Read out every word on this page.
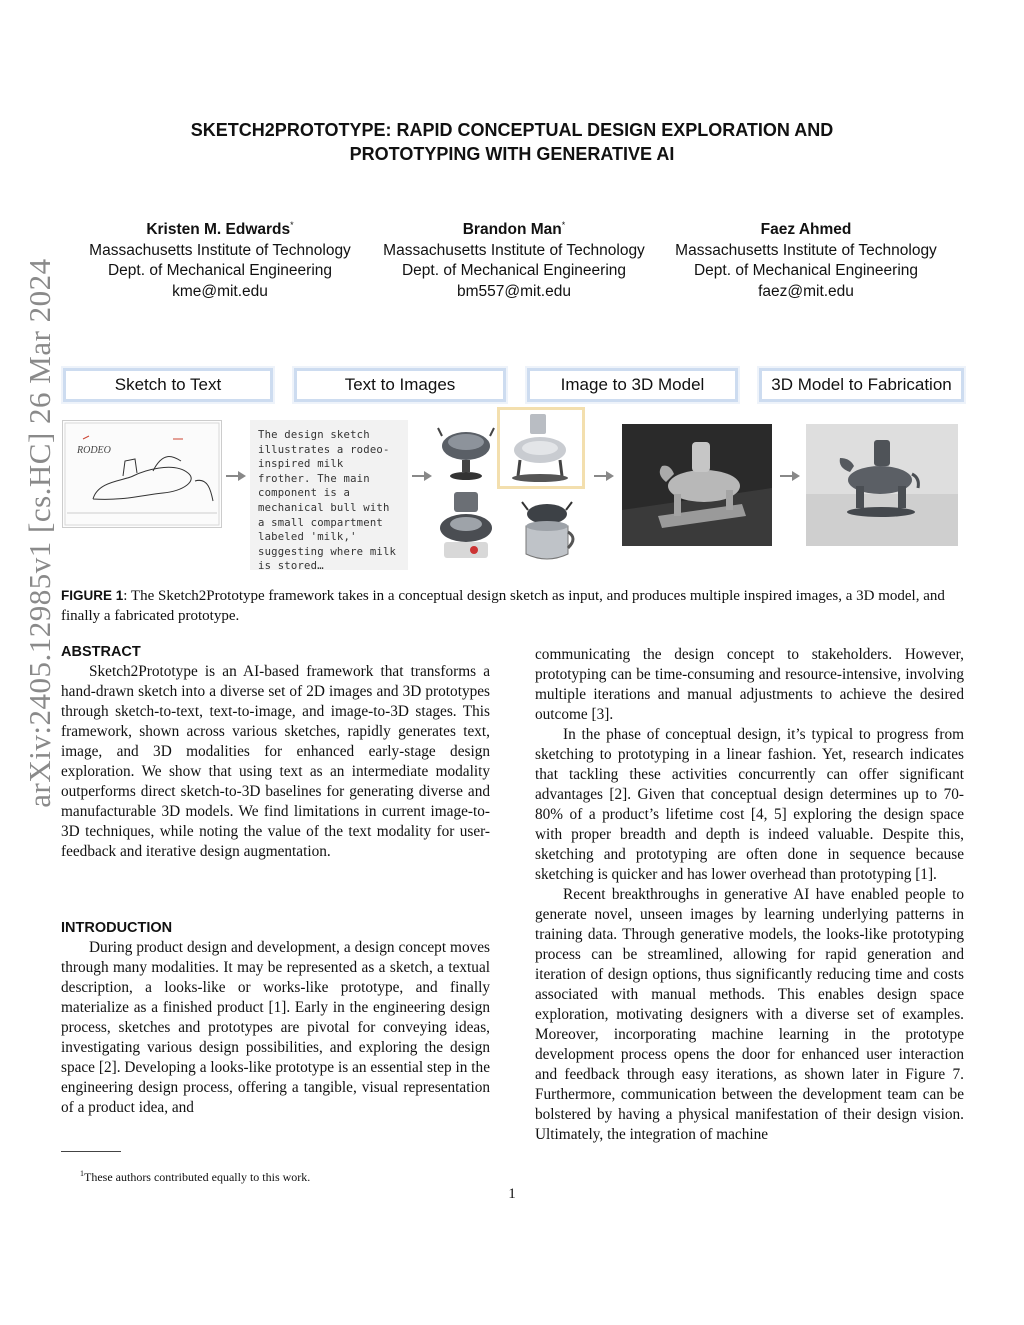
arXiv:2405.12985v1 [cs.HC] 26 Mar 2024
SKETCH2PROTOTYPE: RAPID CONCEPTUAL DESIGN EXPLORATION AND
PROTOTYPING WITH GENERATIVE AI
Kristen M. Edwards*
Massachusetts Institute of Technology
Dept. of Mechanical Engineering
kme@mit.edu
Brandon Man*
Massachusetts Institute of Technology
Dept. of Mechanical Engineering
bm557@mit.edu
Faez Ahmed
Massachusetts Institute of Technology
Dept. of Mechanical Engineering
faez@mit.edu
Sketch to Text	Text to Images	Image to 3D Model	3D Model to Fabrication
RODEO
The design sketch illustrates a rodeo-inspired milk frother. The main component is a mechanical bull with a small compartment labeled 'milk,' suggesting where milk is stored…
FIGURE 1: The Sketch2Prototype framework takes in a conceptual design sketch as input, and produces multiple inspired images, a 3D model, and finally a fabricated prototype.
ABSTRACT

Sketch2Prototype is an AI-based framework that transforms a hand-drawn sketch into a diverse set of 2D images and 3D prototypes through sketch-to-text, text-to-image, and image-to-3D stages. This framework, shown across various sketches, rapidly generates text, image, and 3D modalities for enhanced early-stage design exploration. We show that using text as an intermediate modality outperforms direct sketch-to-3D baselines for generating diverse and manufacturable 3D models. We find limitations in current image-to-3D techniques, while noting the value of the text modality for user-feedback and iterative design augmentation.

INTRODUCTION

During product design and development, a design concept moves through many modalities. It may be represented as a sketch, a textual description, a looks-like or works-like prototype, and finally materialize as a finished product [1]. Early in the engineering design process, sketches and prototypes are pivotal for conveying ideas, investigating various design possibilities, and exploring the design space [2]. Developing a looks-like prototype is an essential step in the engineering design process, offering a tangible, visual representation of a product idea, and

communicating the design concept to stakeholders. However, prototyping can be time-consuming and resource-intensive, involving multiple iterations and manual adjustments to achieve the desired outcome [3].

In the phase of conceptual design, it’s typical to progress from sketching to prototyping in a linear fashion. Yet, research indicates that tackling these activities concurrently can offer significant advantages [2]. Given that conceptual design determines up to 70-80% of a product’s lifetime cost [4, 5] exploring the design space with proper breadth and depth is indeed valuable. Despite this, sketching and prototyping are often done in sequence because sketching is quicker and has lower overhead than prototyping [1].

Recent breakthroughs in generative AI have enabled people to generate novel, unseen images by learning underlying patterns in training data. Through generative models, the looks-like prototyping process can be streamlined, allowing for rapid generation and iteration of design options, thus significantly reducing time and costs associated with manual methods. This enables design space exploration, motivating designers with a diverse set of examples. Moreover, incorporating machine learning in the prototype development process opens the door for enhanced user interaction and feedback through easy iterations, as shown later in Figure 7. Furthermore, communication between the development team can be bolstered by having a physical manifestation of their design vision. Ultimately, the integration of machine

$^1$These authors contributed equally to this work.
1
